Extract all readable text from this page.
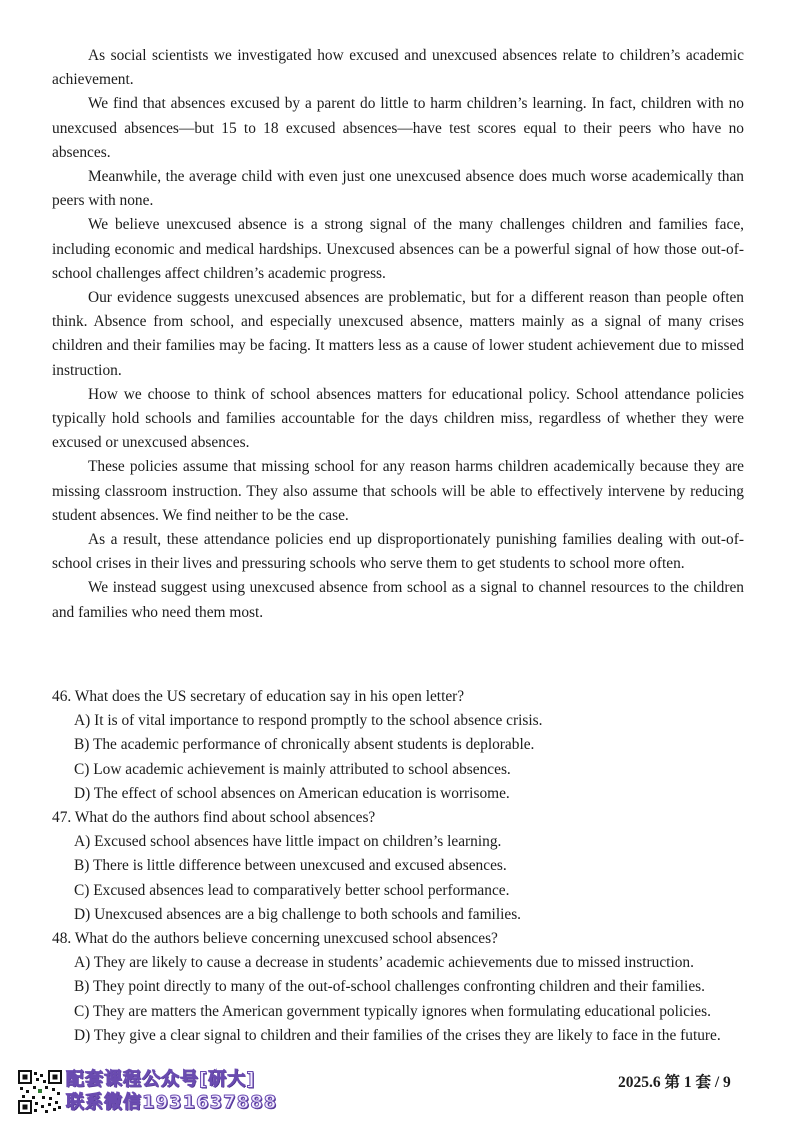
As social scientists we investigated how excused and unexcused absences relate to children’s academic achievement.

We find that absences excused by a parent do little to harm children’s learning. In fact, children with no unexcused absences—but 15 to 18 excused absences—have test scores equal to their peers who have no absences.

Meanwhile, the average child with even just one unexcused absence does much worse academically than peers with none.

We believe unexcused absence is a strong signal of the many challenges children and families face, including economic and medical hardships. Unexcused absences can be a powerful signal of how those out-of-school challenges affect children’s academic progress.

Our evidence suggests unexcused absences are problematic, but for a different reason than people often think. Absence from school, and especially unexcused absence, matters mainly as a signal of many crises children and their families may be facing. It matters less as a cause of lower student achievement due to missed instruction.

How we choose to think of school absences matters for educational policy. School attendance policies typically hold schools and families accountable for the days children miss, regardless of whether they were excused or unexcused absences.

These policies assume that missing school for any reason harms children academically because they are missing classroom instruction. They also assume that schools will be able to effectively intervene by reducing student absences. We find neither to be the case.

As a result, these attendance policies end up disproportionately punishing families dealing with out-of-school crises in their lives and pressuring schools who serve them to get students to school more often.

We instead suggest using unexcused absence from school as a signal to channel resources to the children and families who need them most.

46. What does the US secretary of education say in his open letter?

A) It is of vital importance to respond promptly to the school absence crisis.

B) The academic performance of chronically absent students is deplorable.

C) Low academic achievement is mainly attributed to school absences.

D) The effect of school absences on American education is worrisome.

47. What do the authors find about school absences?

A) Excused school absences have little impact on children’s learning.

B) There is little difference between unexcused and excused absences.

C) Excused absences lead to comparatively better school performance.

D) Unexcused absences are a big challenge to both schools and families.

48. What do the authors believe concerning unexcused school absences?

A) They are likely to cause a decrease in students’ academic achievements due to missed instruction.

B) They point directly to many of the out-of-school challenges confronting children and their families.

C) They are matters the American government typically ignores when formulating educational policies.

D) They give a clear signal to children and their families of the crises they are likely to face in the future.

配套课程公众号[研大]
联系微信1931637888
2025.6 第 1 套 / 9
